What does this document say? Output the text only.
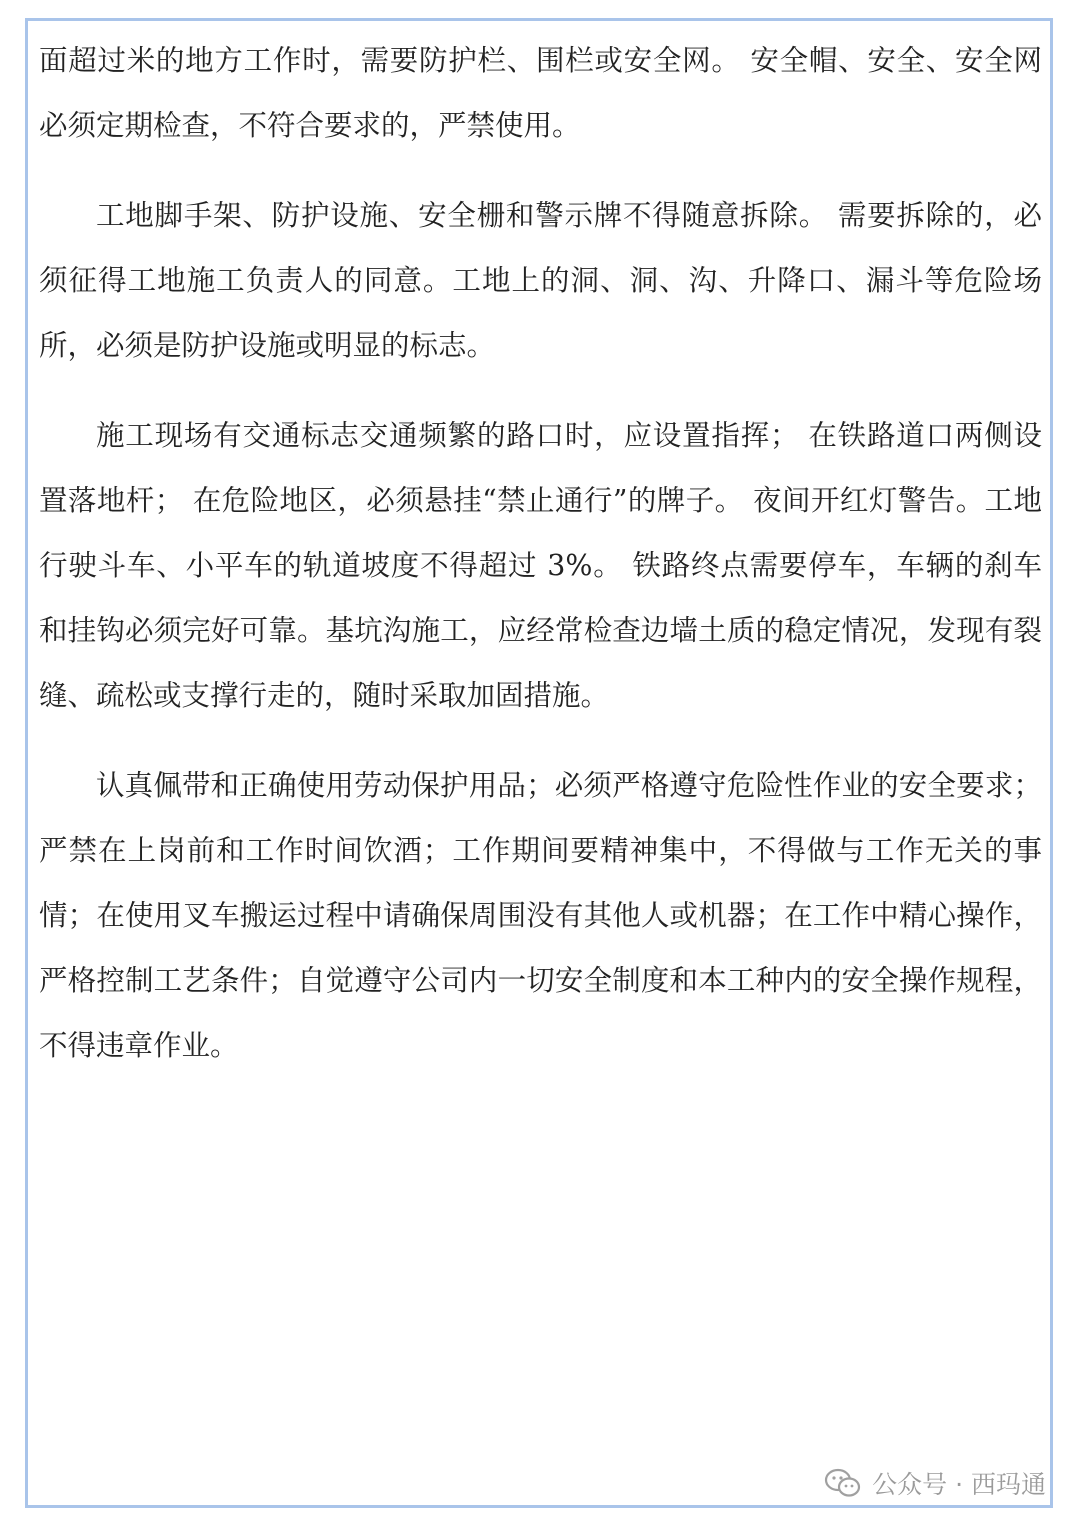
面超过米的地方工作时，需要防护栏、围栏或安全网。 安全帽、安全、安全网必须定期检查，不符合要求的，严禁使用。

工地脚手架、防护设施、安全栅和警示牌不得随意拆除。 需要拆除的，必须征得工地施工负责人的同意。工地上的洞、洞、沟、升降口、漏斗等危险场所，必须是防护设施或明显的标志。

施工现场有交通标志交通频繁的路口时，应设置指挥； 在铁路道口两侧设置落地杆； 在危险地区，必须悬挂“禁止通行”的牌子。 夜间开红灯警告。工地行驶斗车、小平车的轨道坡度不得超过 3%。 铁路终点需要停车，车辆的刹车和挂钩必须完好可靠。基坑沟施工，应经常检查边墙土质的稳定情况，发现有裂缝、疏松或支撑行走的，随时采取加固措施。

认真佩带和正确使用劳动保护用品；必须严格遵守危险性作业的安全要求；严禁在上岗前和工作时间饮酒；工作期间要精神集中，不得做与工作无关的事情；在使用叉车搬运过程中请确保周围没有其他人或机器；在工作中精心操作，严格控制工艺条件；自觉遵守公司内一切安全制度和本工种内的安全操作规程，不得违章作业。

公众号 · 西玛通
